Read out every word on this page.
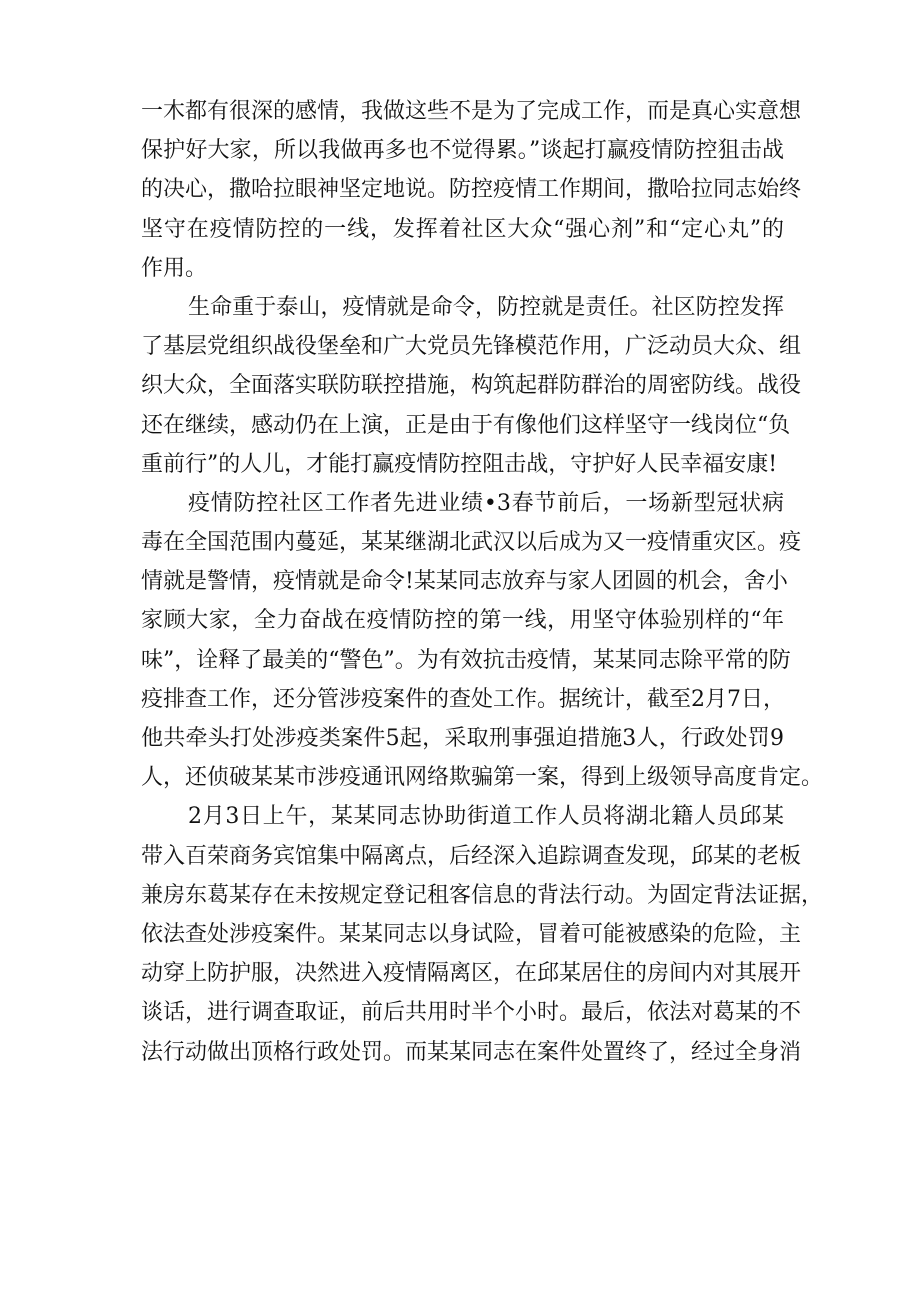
一木都有很深的感情，我做这些不是为了完成工作，而是真心实意想
保护好大家，所以我做再多也不觉得累。”谈起打赢疫情防控狙击战
的决心，撒哈拉眼神坚定地说。防控疫情工作期间，撒哈拉同志始终
坚守在疫情防控的一线，发挥着社区大众“强心剂”和“定心丸”的
作用。
生命重于泰山，疫情就是命令，防控就是责任。社区防控发挥
了基层党组织战役堡垒和广大党员先锋模范作用，广泛动员大众、组
织大众，全面落实联防联控措施，构筑起群防群治的周密防线。战役
还在继续，感动仍在上演，正是由于有像他们这样坚守一线岗位“负
重前行”的人儿，才能打赢疫情防控阻击战，守护好人民幸福安康!
疫情防控社区工作者先进业绩•3春节前后，一场新型冠状病
毒在全国范围内蔓延，某某继湖北武汉以后成为又一疫情重灾区。疫
情就是警情，疫情就是命令!某某同志放弃与家人团圆的机会，舍小
家顾大家，全力奋战在疫情防控的第一线，用坚守体验别样的“年
味”，诠释了最美的“警色”。为有效抗击疫情，某某同志除平常的防
疫排查工作，还分管涉疫案件的查处工作。据统计，截至2月7日，
他共牵头打处涉疫类案件5起，采取刑事强迫措施3人，行政处罚9
人，还侦破某某市涉疫通讯网络欺骗第一案，得到上级领导高度肯定。
2月3日上午，某某同志协助街道工作人员将湖北籍人员邱某
带入百荣商务宾馆集中隔离点，后经深入追踪调查发现，邱某的老板
兼房东葛某存在未按规定登记租客信息的背法行动。为固定背法证据，
依法查处涉疫案件。某某同志以身试险，冒着可能被感染的危险，主
动穿上防护服，决然进入疫情隔离区，在邱某居住的房间内对其展开
谈话，进行调查取证，前后共用时半个小时。最后，依法对葛某的不
法行动做出顶格行政处罚。而某某同志在案件处置终了，经过全身消
